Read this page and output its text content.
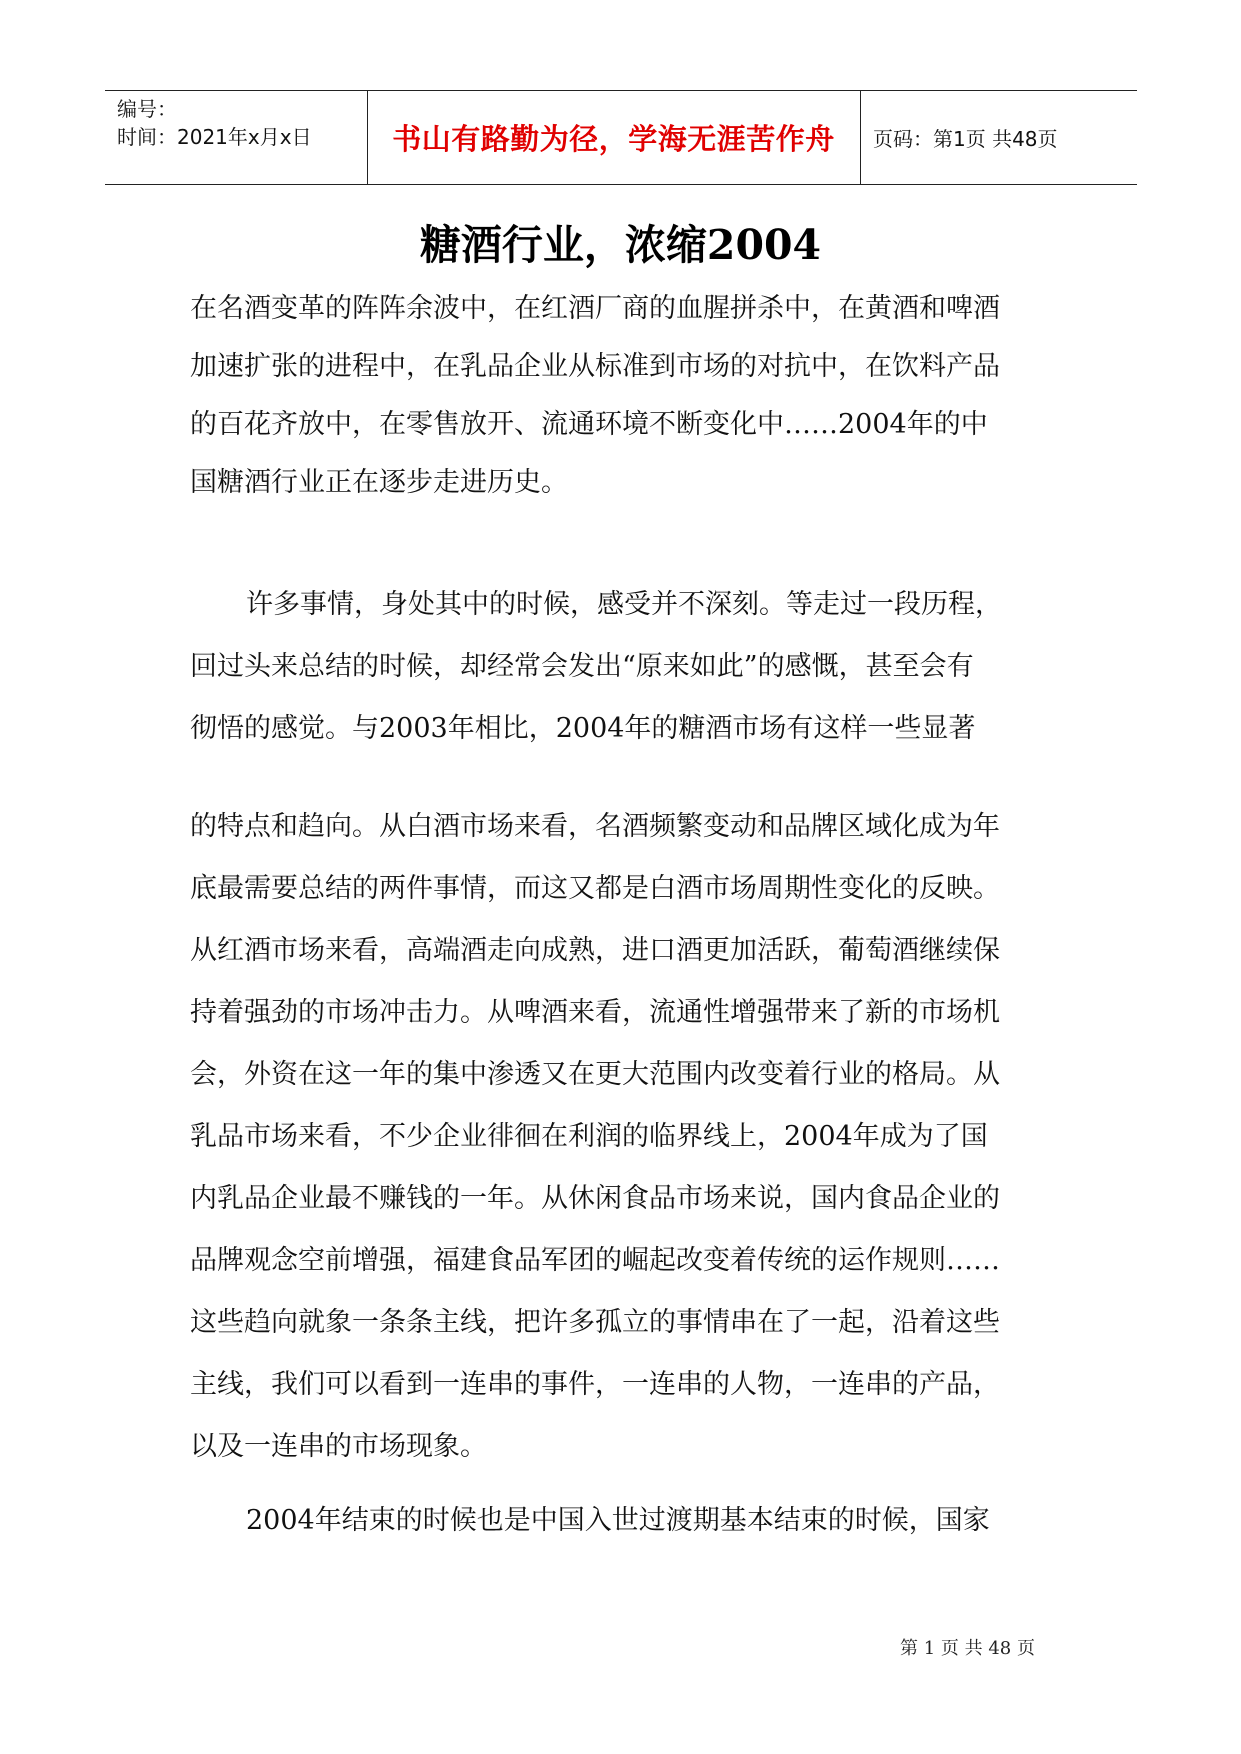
编号：
时间：2021年x月x日	书山有路勤为径，学海无涯苦作舟	页码：第1页 共48页
糖酒行业，浓缩2004
在名酒变革的阵阵余波中，在红酒厂商的血腥拼杀中，在黄酒和啤酒
加速扩张的进程中，在乳品企业从标准到市场的对抗中，在饮料产品
的百花齐放中，在零售放开、流通环境不断变化中……2004年的中
国糖酒行业正在逐步走进历史。
许多事情，身处其中的时候，感受并不深刻。等走过一段历程，
回过头来总结的时候，却经常会发出“原来如此”的感慨，甚至会有
彻悟的感觉。与2003年相比，2004年的糖酒市场有这样一些显著
的特点和趋向。从白酒市场来看，名酒频繁变动和品牌区域化成为年
底最需要总结的两件事情，而这又都是白酒市场周期性变化的反映。
从红酒市场来看，高端酒走向成熟，进口酒更加活跃，葡萄酒继续保
持着强劲的市场冲击力。从啤酒来看，流通性增强带来了新的市场机
会，外资在这一年的集中渗透又在更大范围内改变着行业的格局。从
乳品市场来看，不少企业徘徊在利润的临界线上，2004年成为了国
内乳品企业最不赚钱的一年。从休闲食品市场来说，国内食品企业的
品牌观念空前增强，福建食品军团的崛起改变着传统的运作规则……
这些趋向就象一条条主线，把许多孤立的事情串在了一起，沿着这些
主线，我们可以看到一连串的事件，一连串的人物，一连串的产品，
以及一连串的市场现象。
2004年结束的时候也是中国入世过渡期基本结束的时候，国家
第 1 页 共 48 页
